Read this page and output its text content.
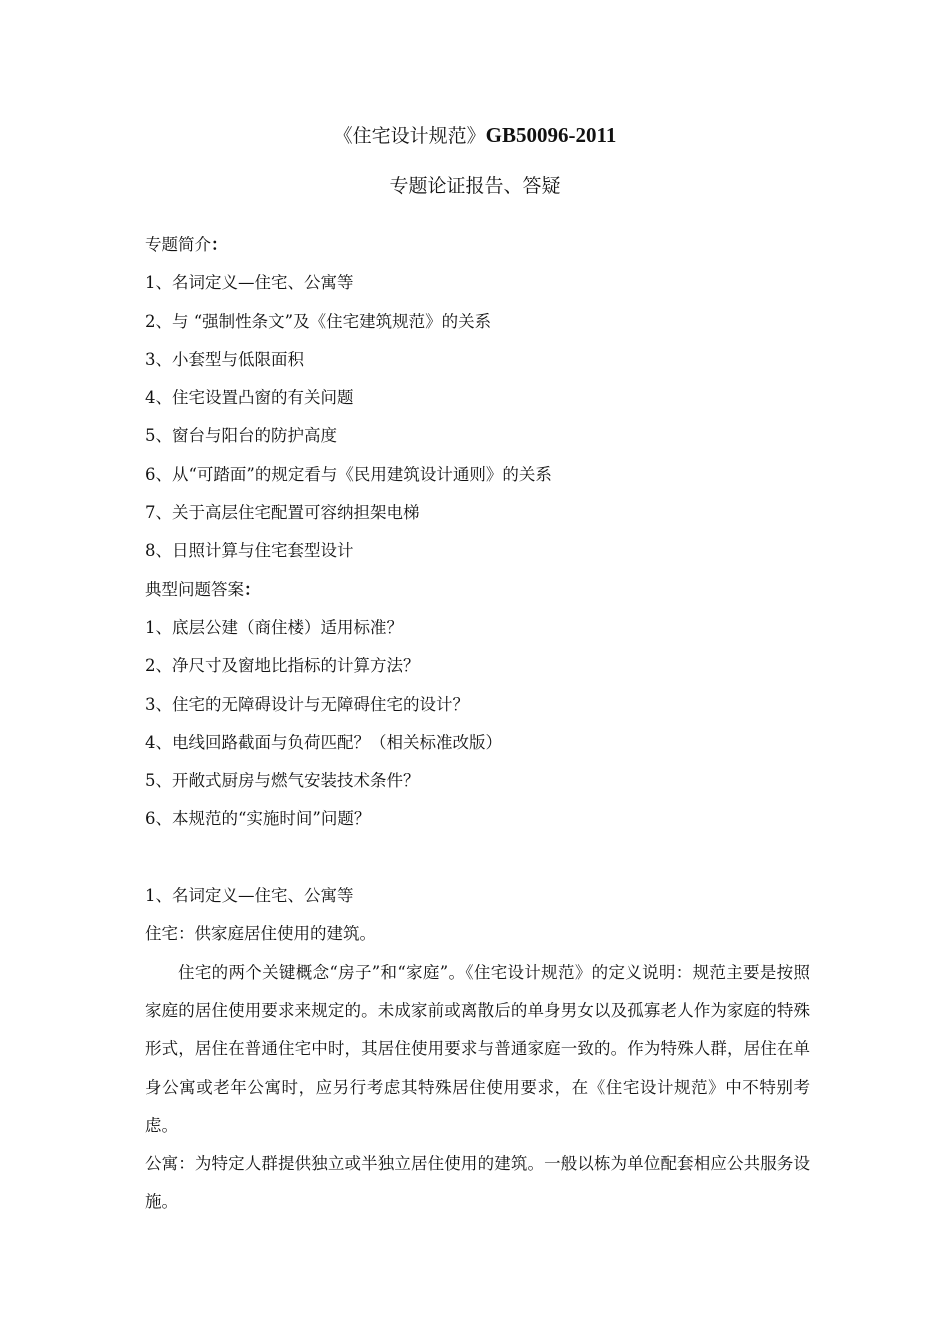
《住宅设计规范》GB50096-2011
专题论证报告、答疑
专题简介：
1、名词定义—住宅、公寓等
2、与 “强制性条文”及《住宅建筑规范》的关系
3、小套型与低限面积
4、住宅设置凸窗的有关问题
5、窗台与阳台的防护高度
6、从“可踏面”的规定看与《民用建筑设计通则》的关系
7、关于高层住宅配置可容纳担架电梯
8、日照计算与住宅套型设计
典型问题答案：
1、底层公建（商住楼）适用标准？
2、净尺寸及窗地比指标的计算方法？
3、住宅的无障碍设计与无障碍住宅的设计？
4、电线回路截面与负荷匹配？（相关标准改版）
5、开敞式厨房与燃气安装技术条件？
6、本规范的“实施时间”问题？
1、名词定义—住宅、公寓等
住宅：供家庭居住使用的建筑。

住宅的两个关键概念“房子”和“家庭”。《住宅设计规范》的定义说明：规范主要是按照家庭的居住使用要求来规定的。未成家前或离散后的单身男女以及孤寡老人作为家庭的特殊形式，居住在普通住宅中时，其居住使用要求与普通家庭一致的。作为特殊人群，居住在单身公寓或老年公寓时，应另行考虑其特殊居住使用要求，在《住宅设计规范》中不特别考虑。

公寓：为特定人群提供独立或半独立居住使用的建筑。一般以栋为单位配套相应公共服务设施。
